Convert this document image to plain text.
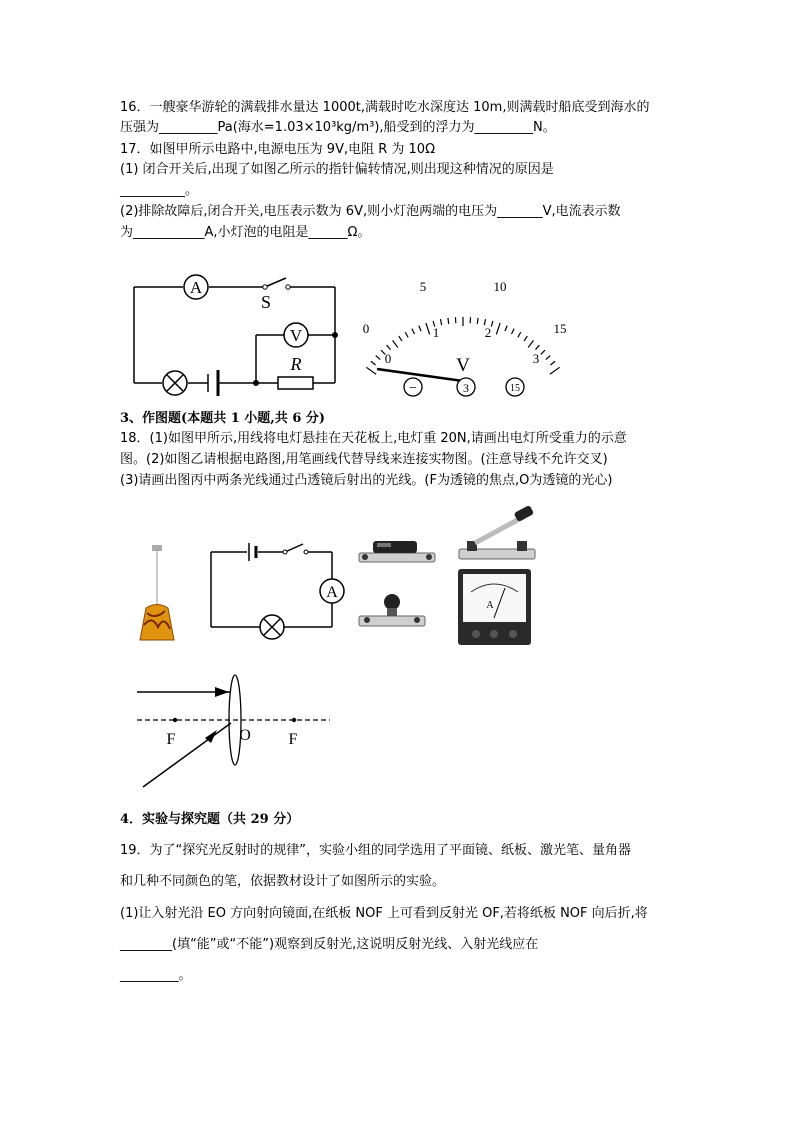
16．一艘豪华游轮的满载排水量达 1000t,满载时吃水深度达 10m,则满载时船底受到海水的
压强为_________Pa(海水=1.03×10³kg/m³),船受到的浮力为_________N。
17．如图甲所示电路中,电源电压为 9V,电阻 R 为 10Ω
(1) 闭合开关后,出现了如图乙所示的指针偏转情况,则出现这种情况的原因是
__________。
(2)排除故障后,闭合开关,电压表示数为 6V,则小灯泡两端的电压为_______V,电流表示数
为___________A,小灯泡的电阻是______Ω。
A
S
V
R
0
5	10
15
0
1	2
3
V
−	3	15
3、作图题(本题共 1 小题,共 6 分)
18．(1)如图甲所示,用线将电灯悬挂在天花板上,电灯重 20N,请画出电灯所受重力的示意
图。(2)如图乙请根据电路图,用笔画线代替导线来连接实物图。(注意导线不允许交叉)
(3)请画出图丙中两条光线通过凸透镜后射出的光线。(F为透镜的焦点,O为透镜的光心)
A
A
F	O F
4．实验与探究题（共 29 分）
19．为了“探究光反射时的规律”，实验小组的同学选用了平面镜、纸板、激光笔、量角器
和几种不同颜色的笔，依据教材设计了如图所示的实验。
(1)让入射光沿 EO 方向射向镜面,在纸板 NOF 上可看到反射光 OF,若将纸板 NOF 向后折,将
________(填“能”或“不能”)观察到反射光,这说明反射光线、入射光线应在
_________。
